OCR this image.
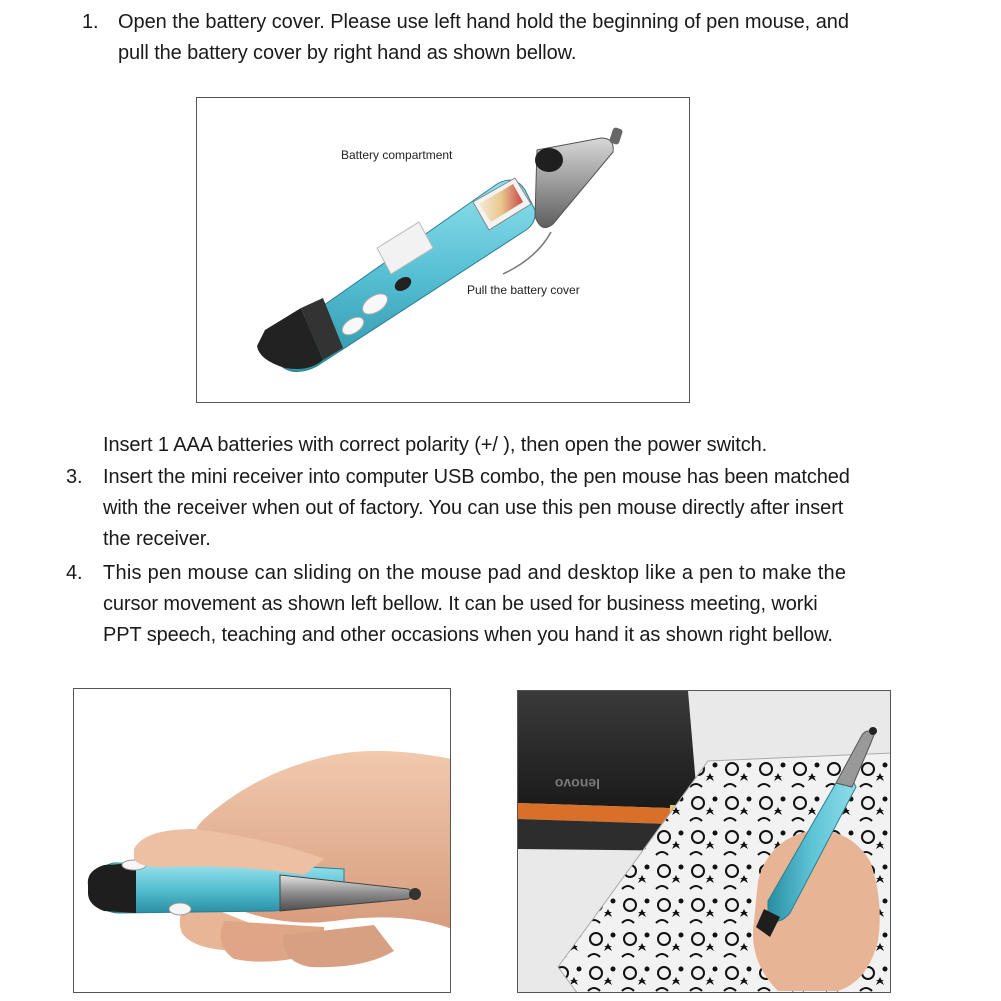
1. Open the battery cover. Please use left hand hold the beginning of pen mouse, and
pull the battery cover by right hand as shown bellow.
Battery compartment
Pull the battery cover
Insert 1 AAA batteries with correct polarity (+/ ), then open the power switch.
3. Insert the mini receiver into computer USB combo, the pen mouse has been matched
with the receiver when out of factory. You can use this pen mouse directly after insert
the receiver.
4. This pen mouse can sliding on the mouse pad and desktop like a pen to make the
cursor movement as shown left bellow. It can be used for business meeting, worki
PPT speech, teaching and other occasions when you hand it as shown right bellow.
lenovo
